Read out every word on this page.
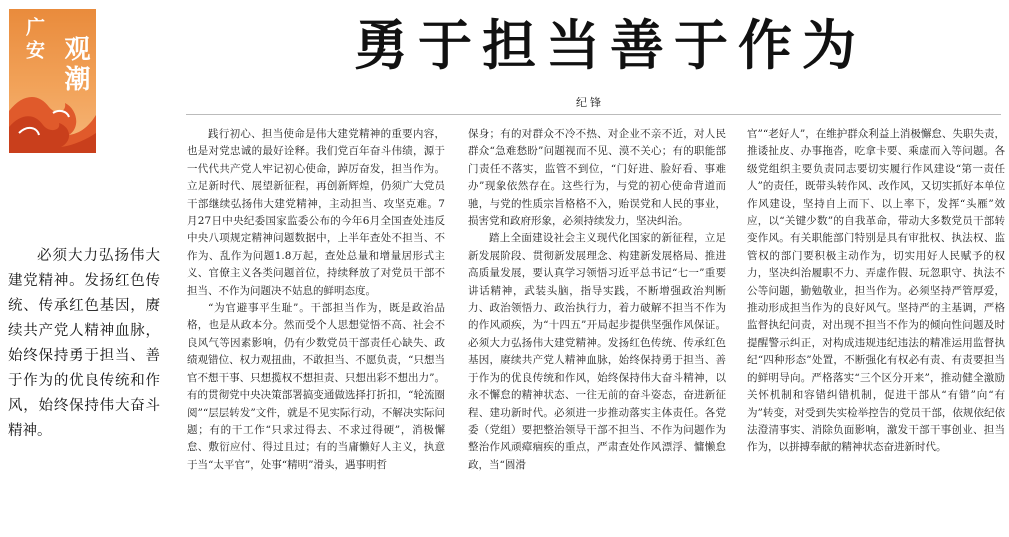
广安 观潮	勇于担当善于作为
纪锋
必须大力弘扬伟大建党精神。发扬红色传统、传承红色基因，赓续共产党人精神血脉，始终保持勇于担当、善于作为的优良传统和作风，始终保持伟大奋斗精神。

践行初心、担当使命是伟大建党精神的重要内容，也是对党忠诚的最好诠释。我们党百年奋斗伟绩，源于一代代共产党人牢记初心使命，踔厉奋发，担当作为。立足新时代、展望新征程，再创新辉煌，仍须广大党员干部继续弘扬伟大建党精神，主动担当、攻坚克难。7月27日中央纪委国家监委公布的今年6月全国查处违反中央八项规定精神问题数据中，上半年查处不担当、不作为、乱作为问题1.8万起，查处总量和增量居形式主义、官僚主义各类问题首位，持续释放了对党员干部不担当、不作为问题决不姑息的鲜明态度。

“为官避事平生耻”。干部担当作为，既是政治品格，也是从政本分。然而受个人思想觉悟不高、社会不良风气等因素影响，仍有少数党员干部责任心缺失、政绩观错位、权力观扭曲，不敢担当、不愿负责，“只想当官不想干事、只想揽权不想担责、只想出彩不想出力”。有的贯彻党中央决策部署搞变通做选择打折扣，“轮流圈阅”“层层转发”文件，就是不见实际行动，不解决实际问题；有的干工作“只求过得去、不求过得硬”，消极懈怠、敷衍应付、得过且过；有的当庸懒好人主义，执意于当“太平官”，处事“精明”滑头，遇事明哲

保身；有的对群众不冷不热、对企业不亲不近，对人民群众“急难愁盼”问题视而不见、漠不关心；有的职能部门责任不落实，监管不到位，“门好进、脸好看、事难办”现象依然存在。这些行为，与党的初心使命背道而驰，与党的性质宗旨格格不入，贻误党和人民的事业，损害党和政府形象，必须持续发力，坚决纠治。

踏上全面建设社会主义现代化国家的新征程，立足新发展阶段、贯彻新发展理念、构建新发展格局、推进高质量发展，要认真学习领悟习近平总书记“七一”重要讲话精神，武装头脑，指导实践，不断增强政治判断力、政治领悟力、政治执行力，着力破解不担当不作为的作风顽疾，为“十四五”开局起步提供坚强作风保证。必须大力弘扬伟大建党精神。发扬红色传统、传承红色基因，赓续共产党人精神血脉，始终保持勇于担当、善于作为的优良传统和作风，始终保持伟大奋斗精神，以永不懈怠的精神状态、一往无前的奋斗姿态，奋进新征程、建功新时代。必须进一步推动落实主体责任。各党委（党组）要把整治领导干部不担当、不作为问题作为整治作风顽瘴痼疾的重点，严肃查处作风漂浮、慵懒怠政，当“圆滑

官”“老好人”，在维护群众利益上消极懈怠、失职失责，推诿扯皮、办事拖沓，吃拿卡要、乘虚而入等问题。各级党组织主要负责同志要切实履行作风建设“第一责任人”的责任，既带头转作风、改作风，又切实抓好本单位作风建设，坚持自上而下、以上率下，发挥“头雁”效应，以“关键少数”的自我革命，带动大多数党员干部转变作风。有关职能部门特别是具有审批权、执法权、监管权的部门要积极主动作为，切实用好人民赋予的权力，坚决纠治履职不力、弄虚作假、玩忽职守、执法不公等问题，勤勉敬业，担当作为。必须坚持严管厚爱，推动形成担当作为的良好风气。坚持严的主基调，严格监督执纪问责，对出现不担当不作为的倾向性问题及时提醒警示纠正，对构成违规违纪违法的精准运用监督执纪“四种形态”处置，不断强化有权必有责、有责要担当的鲜明导向。严格落实“三个区分开来”，推动健全激励关怀机制和容错纠错机制，促进干部从“有错”向“有为”转变，对受到失实检举控告的党员干部，依规依纪依法澄清事实、消除负面影响，激发干部干事创业、担当作为，以拼搏奉献的精神状态奋进新时代。
